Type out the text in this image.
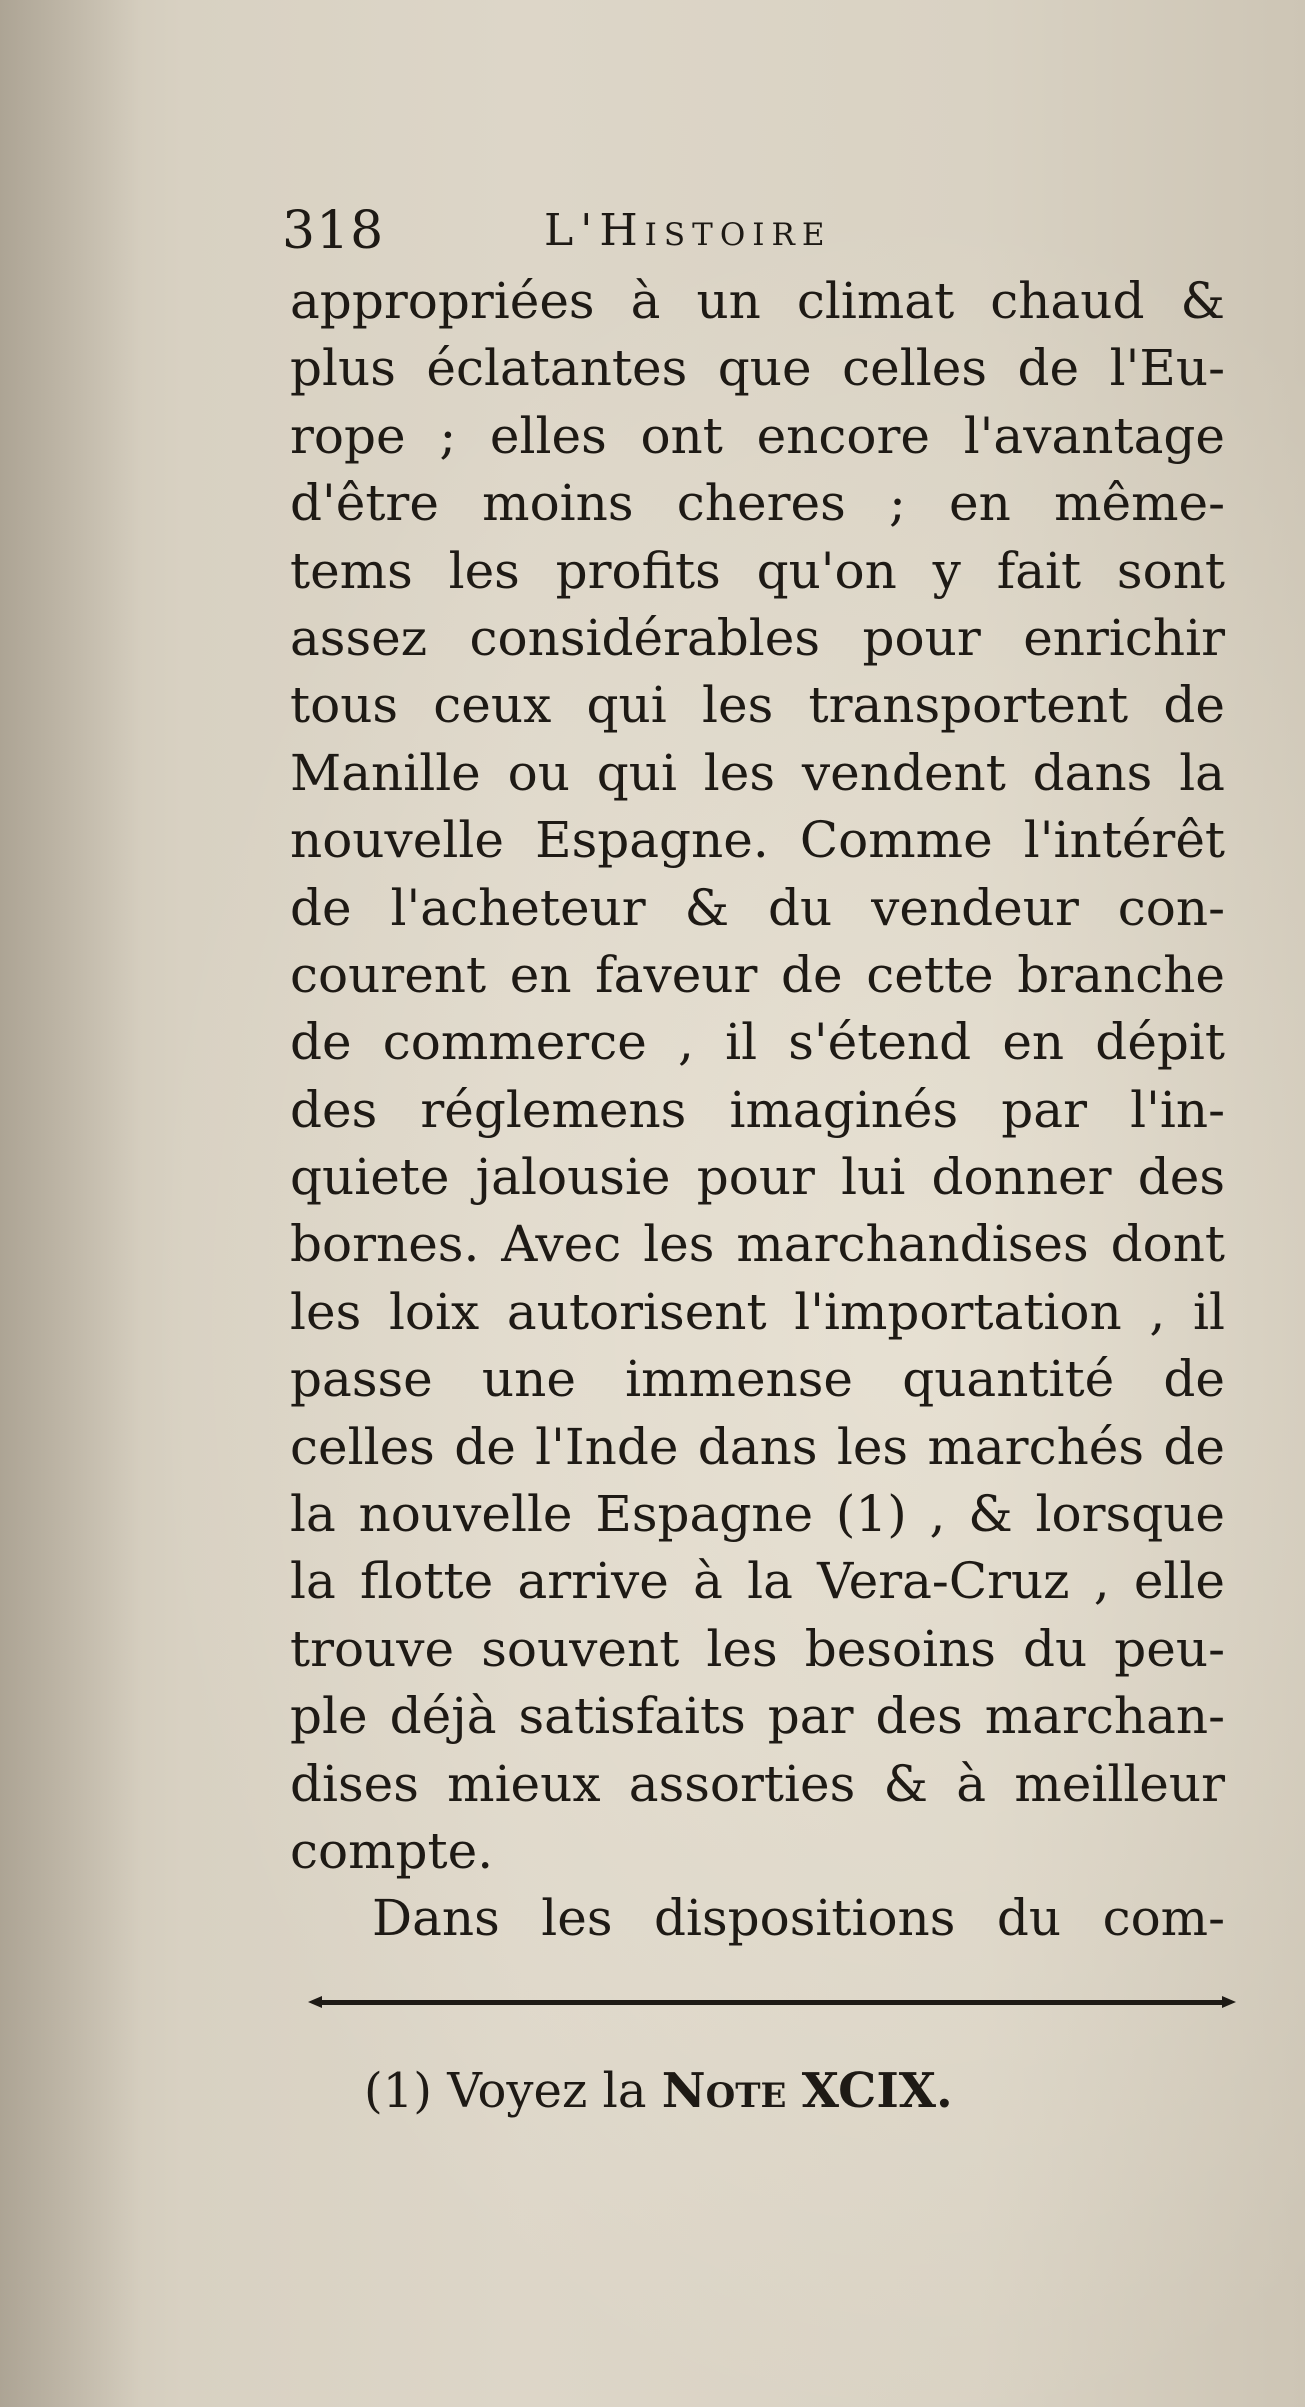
318	L'Histoire
appropriées à un climat chaud &
plus éclatantes que celles de l'Eu-
rope ; elles ont encore l'avantage
d'être moins cheres ; en même-
tems les profits qu'on y fait sont
assez considérables pour enrichir
tous ceux qui les transportent de
Manille ou qui les vendent dans la
nouvelle Espagne. Comme l'intérêt
de l'acheteur & du vendeur con-
courent en faveur de cette branche
de commerce , il s'étend en dépit
des réglemens imaginés par l'in-
quiete jalousie pour lui donner des
bornes. Avec les marchandises dont
les loix autorisent l'importation , il
passe une immense quantité de
celles de l'Inde dans les marchés de
la nouvelle Espagne (1) , & lorsque
la flotte arrive à la Vera-Cruz , elle
trouve souvent les besoins du peu-
ple déjà satisfaits par des marchan-
dises mieux assorties & à meilleur
compte.
Dans les dispositions du com-
(1) Voyez la Note XCIX.
